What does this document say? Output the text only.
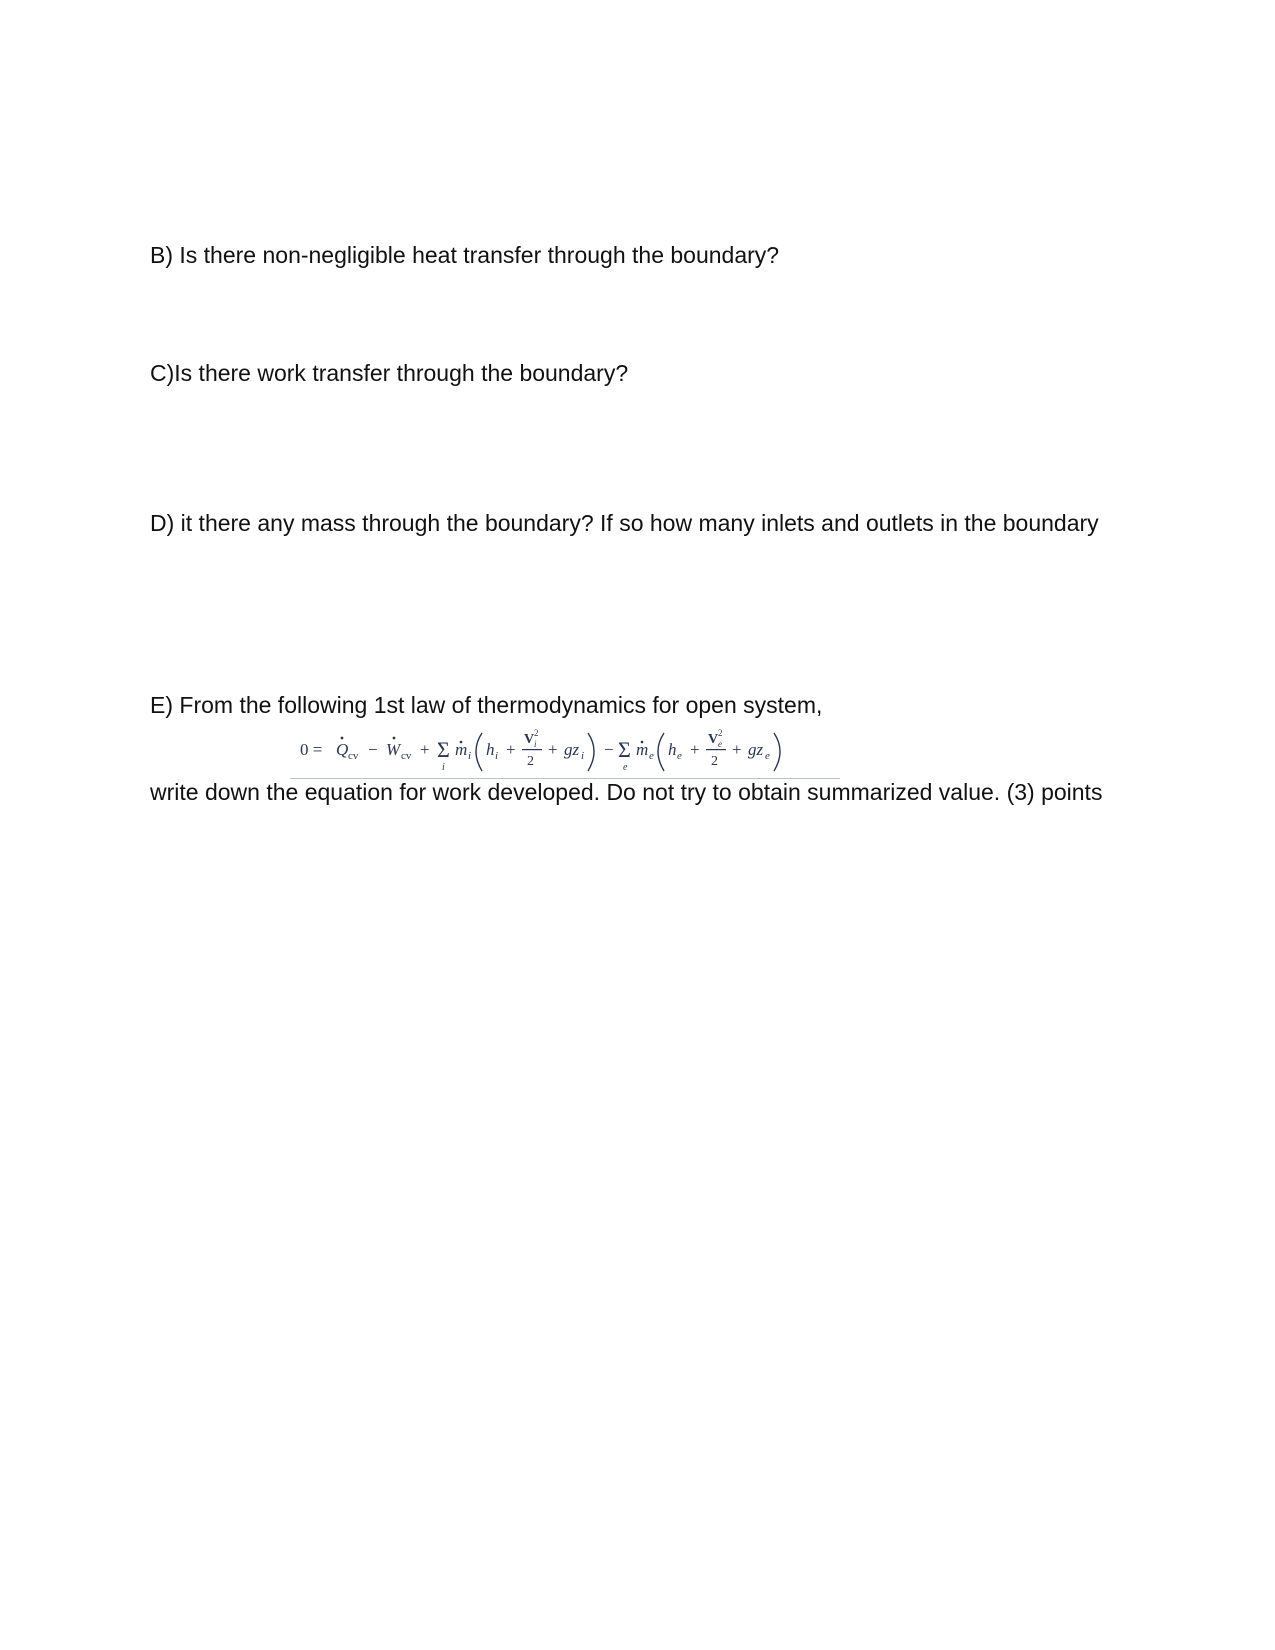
B) Is there non-negligible heat transfer through the boundary?

C)Is there work transfer through the boundary?

D) it there any mass through the boundary? If so how many inlets and outlets in the boundary

E) From the following 1st law of thermodynamics for open system,

0 = Q cv − W cv + Σ
i
m i h i +
V 2
i
2
+ gz i − Σ
e
m e h e +
V 2
e
2
+ gz e

write down the equation for work developed. Do not try to obtain summarized value. (3) points
